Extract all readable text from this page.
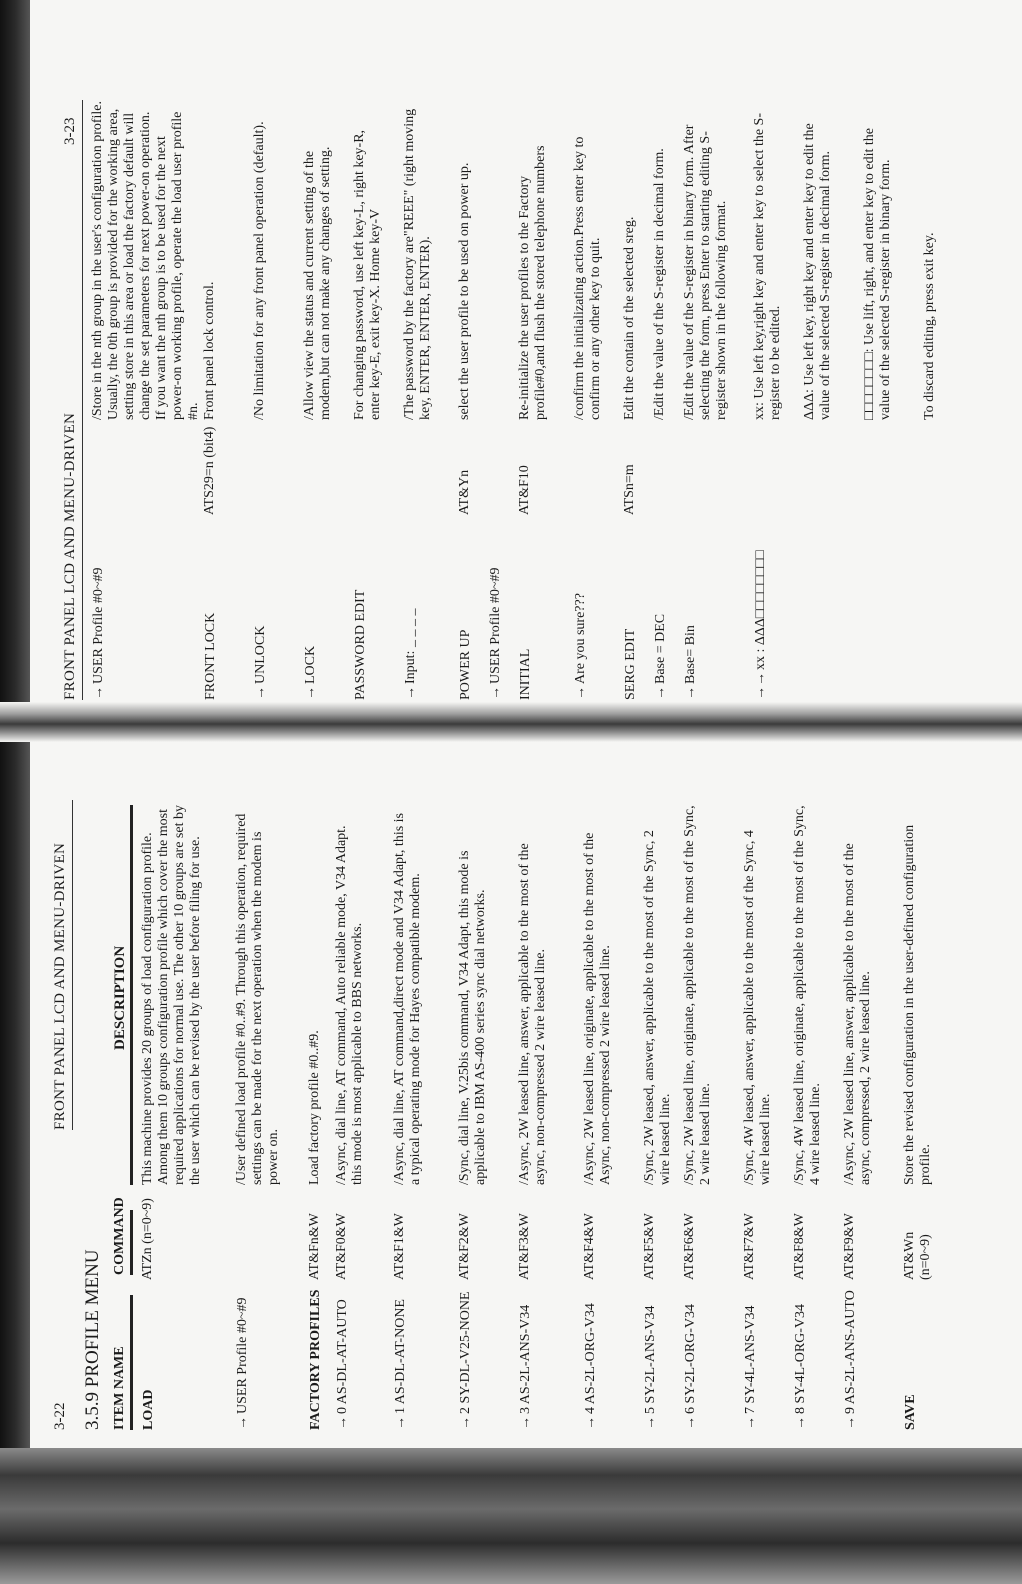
FRONT PANEL LCD AND MENU-DRIVEN
3-23
→USER Profile #0~#9
/Store in the nth group in the user's configuration profile. Usually, the 0th group is provided for the working area, setting store in this area or load the factory default will change the set parameters for next power-on operation. If you want the nth group is to be used for the next power-on working profile, operate the load user profile #n.
FRONT LOCK
ATS29=n (bit4)
Front panel lock control.
→UNLOCK
/No limitation for any front panel operation (default).
→LOCK
/Allow view the status and current setting of the modem,but can not make any changes of setting.
PASSWORD EDIT
For changing password, use left key-L, right key-R, enter key-E, exit key-X. Home key-V
→Input: _ _ _ _
/The password by the factory are"REEE" (right moving key, ENTER, ENTER, ENTER).
POWER UP
AT&Yn
select the user profile to be used on power up.
→USER Profile #0~#9 INITIAL
AT&F10
Re-initialize the user profiles to the Factory profile#0,and flush the stored telephone numbers
→Are you sure???
/confirm the initializating action.Press enter key to confirm or any other key to quit.
SERG EDIT
ATSn=m
Edit the contain of the selected sreg.
→Base = DEC
/Edit the value of the S-register in decimal form.
→Base= Bin
/Edit the value of the S-register in binary form. After selecting the form, press Enter to starting editing S-register shown in the following format.
→→xx : ΔΔΔ□□□□□□□□
xx: Use left key,right key and enter key to select the S-register to be edited. ΔΔΔ: Use left key, right key and enter key to edit the value of the selected S-register in decimal form. □□□□□□□□: Use lift, right, and enter key to edit the value of the selected S-register in binary form. To discard editing, press exit key.
3-22
FRONT PANEL LCD AND MENU-DRIVEN
3.5.9 PROFILE MENU ITEM NAME
COMMAND
DESCRIPTION
LOAD
ATZn (n=0~9)
This machine provides 20 groups of load configuration profile. Among them 10 groups configuration profile which cover the most required applications for normal use. The other 10 groups are set by the user which can be revised by the user before filing for use.
→USER Profile #0~#9
/User defined load profile #0..#9. Through this operation, required settings can be made for the next operation when the modem is power on.
FACTORY PROFILES
AT&Fn&W
Load factory profile #0..#9.
→0 AS-DL-AT-AUTO
AT&F0&W
/Async, dial line, AT command, Auto reliable mode, V34 Adapt. this mode is most applicable to BBS networks.
→1 AS-DL-AT-NONE
AT&F1&W
/Async, dial line, AT command,direct mode and V34 Adapt, this is a typical operating mode for Hayes compatible modem.
→2 SY-DL-V25-NONE
AT&F2&W
/Sync, dial line, V.25bis command, V34 Adapt, this mode is applicable to IBM AS-400 series sync dial networks.
→3 AS-2L-ANS-V34
AT&F3&W
/Async, 2W leased line, answer, applicable to the most of the async, non-compressed 2 wire leased line.
→4 AS-2L-ORG-V34
AT&F4&W
/Async, 2W leased line, originate, applicable to the most of the Async, non-compressed 2 wire leased line.
→5 SY-2L-ANS-V34
AT&F5&W
/Sync, 2W leased, answer, applicable to the most of the Sync, 2 wire leased line.
→6 SY-2L-ORG-V34
AT&F6&W
/Sync, 2W leased line, originate, applicable to the most of the Sync, 2 wire leased line.
→7 SY-4L-ANS-V34
AT&F7&W
/Sync, 4W leased, answer, applicable to the most of the Sync, 4 wire leased line.
→8 SY-4L-ORG-V34
AT&F8&W
/Sync, 4W leased line, originate, applicable to the most of the Sync, 4 wire leased line.
→9 AS-2L-ANS-AUTO
AT&F9&W
/Async, 2W leased line, answer, applicable to the most of the async, compressed, 2 wire leased line.
SAVE
AT&Wn (n=0~9)
Store the revised configuration in the user-defined configuration profile.
